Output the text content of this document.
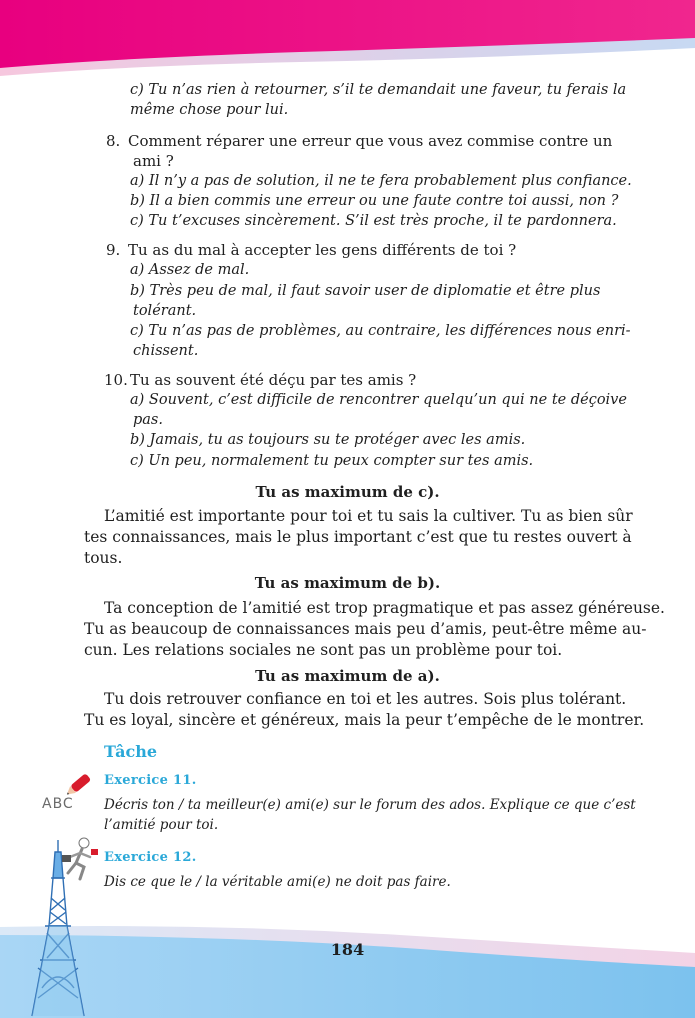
c) Tu n’as rien à retourner, s’il te demandait une faveur, tu ferais la
même chose pour lui.
8. Comment réparer une erreur que vous avez commise contre un
ami ?
a) Il n’y a pas de solution, il ne te fera probablement plus confiance.
b) Il a bien commis une erreur ou une faute contre toi aussi, non ?
c) Tu t’excuses sincèrement. S’il est très proche, il te pardonnera.
9. Tu as du mal à accepter les gens différents de toi ?
a) Assez de mal.
b) Très peu de mal, il faut savoir user de diplomatie et être plus
tolérant.
c) Tu n’as pas de problèmes, au contraire, les différences nous enri-
chissent.
10. Tu as souvent été déçu par tes amis ?
a) Souvent, c’est difficile de rencontrer quelqu’un qui ne te déçoive
pas.
b) Jamais, tu as toujours su te protéger avec les amis.
c) Un peu, normalement tu peux compter sur tes amis.
Tu as maximum de c).
L’amitié est importante pour toi et tu sais la cultiver. Tu as bien sûr
tes connaissances, mais le plus important c’est que tu restes ouvert à
tous.
Tu as maximum de b).
Ta conception de l’amitié est trop pragmatique et pas assez généreuse.
Tu as beaucoup de connaissances mais peu d’amis, peut-être même au-
cun. Les relations sociales ne sont pas un problème pour toi.
Tu as maximum de a).
Tu dois retrouver confiance en toi et les autres. Sois plus tolérant.
Tu es loyal, sincère et généreux, mais la peur t’empêche de le montrer.
Tâche
ABC
Exercice 11.
Décris ton / ta meilleur(e) ami(e) sur le forum des ados. Explique ce que c’est
l’amitié pour toi.
Exercice 12.
Dis ce que le / la véritable ami(e) ne doit pas faire.
184
